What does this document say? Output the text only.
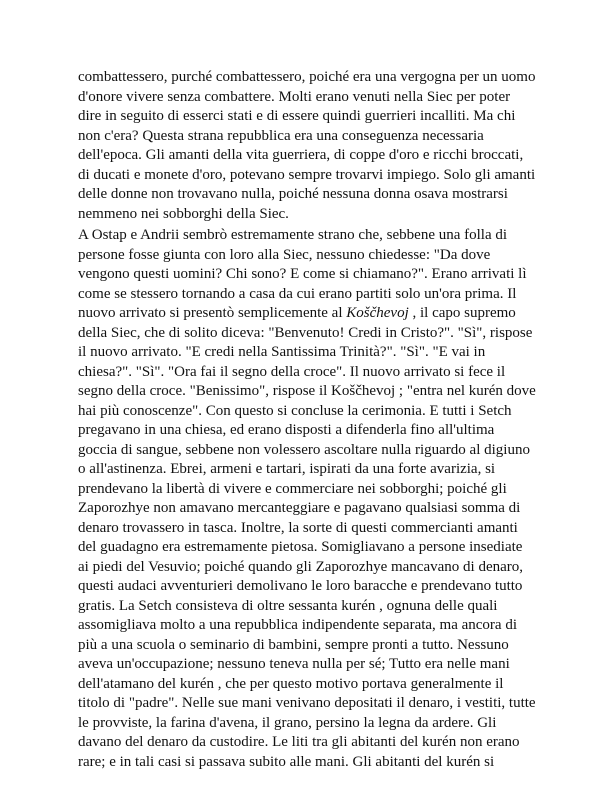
combattessero, purché combattessero, poiché era una vergogna per un uomo
d'onore vivere senza combattere. Molti erano venuti nella Siec per poter
dire in seguito di esserci stati e di essere quindi guerrieri incalliti. Ma chi
non c'era? Questa strana repubblica era una conseguenza necessaria
dell'epoca. Gli amanti della vita guerriera, di coppe d'oro e ricchi broccati,
di ducati e monete d'oro, potevano sempre trovarvi impiego. Solo gli amanti
delle donne non trovavano nulla, poiché nessuna donna osava mostrarsi
nemmeno nei sobborghi della Siec.
A Ostap e Andrii sembrò estremamente strano che, sebbene una folla di
persone fosse giunta con loro alla Siec, nessuno chiedesse: "Da dove
vengono questi uomini? Chi sono? E come si chiamano?". Erano arrivati lì
come se stessero tornando a casa da cui erano partiti solo un'ora prima. Il
nuovo arrivato si presentò semplicemente al Koščhevoj , il capo supremo
della Siec, che di solito diceva: "Benvenuto! Credi in Cristo?". "Sì", rispose
il nuovo arrivato. "E credi nella Santissima Trinità?". "Sì". "E vai in
chiesa?". "Sì". "Ora fai il segno della croce". Il nuovo arrivato si fece il
segno della croce. "Benissimo", rispose il Koščhevoj ; "entra nel kurén dove
hai più conoscenze". Con questo si concluse la cerimonia. E tutti i Setch
pregavano in una chiesa, ed erano disposti a difenderla fino all'ultima
goccia di sangue, sebbene non volessero ascoltare nulla riguardo al digiuno
o all'astinenza. Ebrei, armeni e tartari, ispirati da una forte avarizia, si
prendevano la libertà di vivere e commerciare nei sobborghi; poiché gli
Zaporozhye non amavano mercanteggiare e pagavano qualsiasi somma di
denaro trovassero in tasca. Inoltre, la sorte di questi commercianti amanti
del guadagno era estremamente pietosa. Somigliavano a persone insediate
ai piedi del Vesuvio; poiché quando gli Zaporozhye mancavano di denaro,
questi audaci avventurieri demolivano le loro baracche e prendevano tutto
gratis. La Setch consisteva di oltre sessanta kurén , ognuna delle quali
assomigliava molto a una repubblica indipendente separata, ma ancora di
più a una scuola o seminario di bambini, sempre pronti a tutto. Nessuno
aveva un'occupazione; nessuno teneva nulla per sé; Tutto era nelle mani
dell'atamano del kurén , che per questo motivo portava generalmente il
titolo di "padre". Nelle sue mani venivano depositati il denaro, i vestiti, tutte
le provviste, la farina d'avena, il grano, persino la legna da ardere. Gli
davano del denaro da custodire. Le liti tra gli abitanti del kurén non erano
rare; e in tali casi si passava subito alle mani. Gli abitanti del kurén si
